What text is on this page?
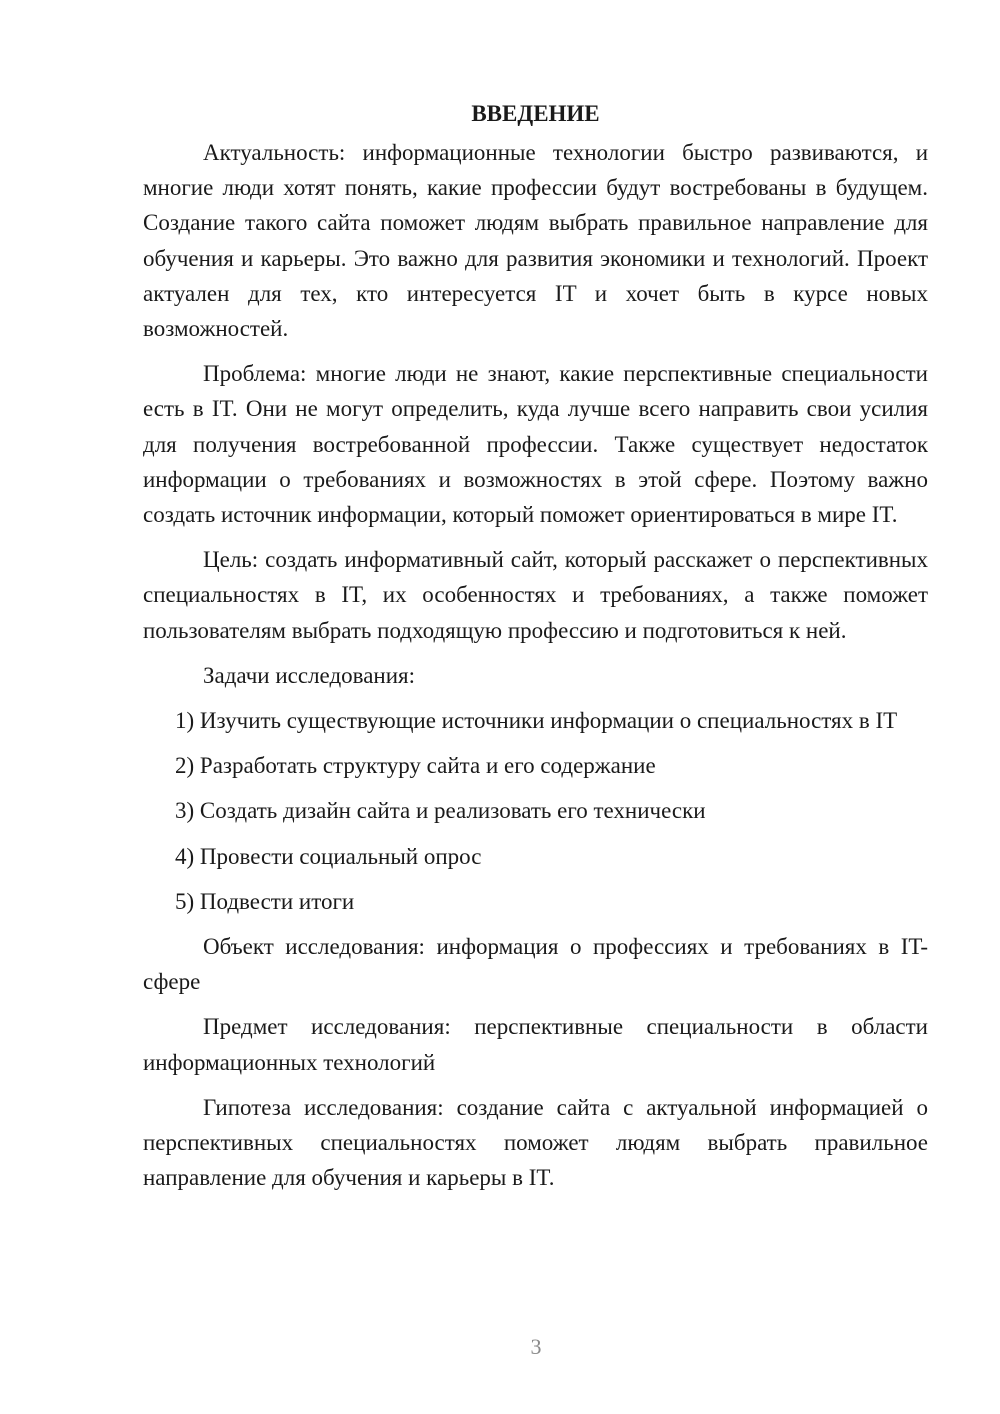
ВВЕДЕНИЕ

Актуальность: информационные технологии быстро развиваются, и многие люди хотят понять, какие профессии будут востребованы в будущем. Создание такого сайта поможет людям выбрать правильное направление для обучения и карьеры. Это важно для развития экономики и технологий. Проект актуален для тех, кто интересуется IT и хочет быть в курсе новых возможностей.

Проблема: многие люди не знают, какие перспективные специальности есть в IT. Они не могут определить, куда лучше всего направить свои усилия для получения востребованной профессии. Также существует недостаток информации о требованиях и возможностях в этой сфере. Поэтому важно создать источник информации, который поможет ориентироваться в мире IT.

Цель: создать информативный сайт, который расскажет о перспективных специальностях в IT, их особенностях и требованиях, а также поможет пользователям выбрать подходящую профессию и подготовиться к ней.

Задачи исследования:

1) Изучить существующие источники информации о специальностях в IT

2) Разработать структуру сайта и его содержание

3) Создать дизайн сайта и реализовать его технически

4) Провести социальный опрос

5) Подвести итоги

Объект исследования: информация о профессиях и требованиях в IT-сфере

Предмет исследования: перспективные специальности в области информационных технологий

Гипотеза исследования: создание сайта с актуальной информацией о перспективных специальностях поможет людям выбрать правильное направление для обучения и карьеры в IT.

3
